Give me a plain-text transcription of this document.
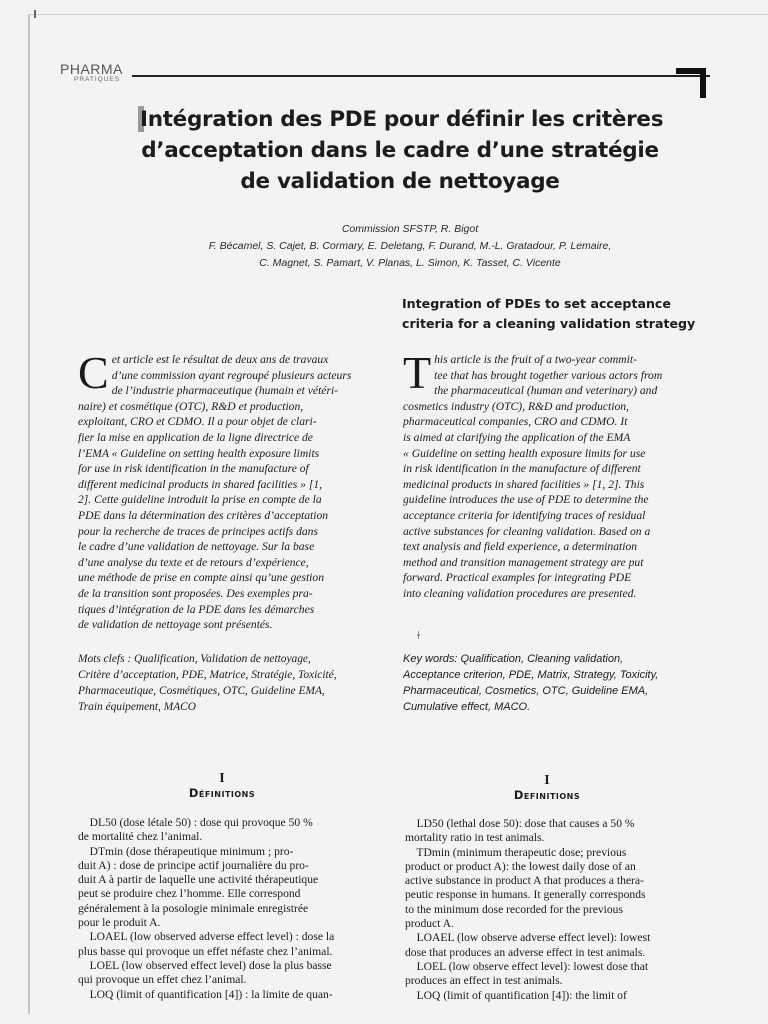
PHARMA
PRATIQUES
Intégration des PDE pour définir les critères
d’acceptation dans le cadre d’une stratégie
de validation de nettoyage
Commission SFSTP, R. Bigot
F. Bécamel, S. Cajet, B. Cormary, E. Deletang, F. Durand, M.-L. Gratadour, P. Lemaire,
C. Magnet, S. Pamart, V. Planas, L. Simon, K. Tasset, C. Vicente
Integration of PDEs to set acceptance
criteria for a cleaning validation strategy
C et article est le résultat de deux ans de travaux
d’une commission ayant regroupé plusieurs acteurs
de l’industrie pharmaceutique (humain et vétéri-
naire) et cosmétique (OTC), R&D et production,
exploitant, CRO et CDMO. Il a pour objet de clari-
fier la mise en application de la ligne directrice de
l’EMA « Guideline on setting health exposure limits
for use in risk identification in the manufacture of
different medicinal products in shared facilities » [1,
2]. Cette guideline introduit la prise en compte de la
PDE dans la détermination des critères d’acceptation
pour la recherche de traces de principes actifs dans
le cadre d’une validation de nettoyage. Sur la base
d’une analyse du texte et de retours d’expérience,
une méthode de prise en compte ainsi qu’une gestion
de la transition sont proposées. Des exemples pra-
tiques d’intégration de la PDE dans les démarches
de validation de nettoyage sont présentés.
T his article is the fruit of a two-year commit-
tee that has brought together various actors from
the pharmaceutical (human and veterinary) and
cosmetics industry (OTC), R&D and production,
pharmaceutical companies, CRO and CDMO. It
is aimed at clarifying the application of the EMA
« Guideline on setting health exposure limits for use
in risk identification in the manufacture of different
medicinal products in shared facilities » [1, 2]. This
guideline introduces the use of PDE to determine the
acceptance criteria for identifying traces of residual
active substances for cleaning validation. Based on a
text analysis and field experience, a determination
method and transition management strategy are put
forward. Practical examples for integrating PDE
into cleaning validation procedures are presented.
ǂ
Mots clefs : Qualification, Validation de nettoyage,
Critère d’acceptation, PDE, Matrice, Stratégie, Toxicité,
Pharmaceutique, Cosmétiques, OTC, Guideline EMA,
Train équipement, MACO
Key words: Qualification, Cleaning validation,
Acceptance criterion, PDE, Matrix, Strategy, Toxicity,
Pharmaceutical, Cosmetics, OTC, Guideline EMA,
Cumulative effect, MACO.
I
Définitions
I
Definitions
DL50 (dose létale 50) : dose qui provoque 50 %
de mortalité chez l’animal.
DTmin (dose thérapeutique minimum ; pro-
duit A) : dose de principe actif journalière du pro-
duit A à partir de laquelle une activité thérapeutique
peut se produire chez l’homme. Elle correspond
généralement à la posologie minimale enregistrée
pour le produit A.
LOAEL (low observed adverse effect level) : dose la
plus basse qui provoque un effet néfaste chez l’animal.
LOEL (low observed effect level) dose la plus basse
qui provoque un effet chez l’animal.
LOQ (limit of quantification [4]) : la limite de quan-
LD50 (lethal dose 50): dose that causes a 50 %
mortality ratio in test animals.
TDmin (minimum therapeutic dose; previous
product or product A): the lowest daily dose of an
active substance in product A that produces a thera-
peutic response in humans. It generally corresponds
to the minimum dose recorded for the previous
product A.
LOAEL (low observe adverse effect level): lowest
dose that produces an adverse effect in test animals.
LOEL (low observe effect level): lowest dose that
produces an effect in test animals.
LOQ (limit of quantification [4]): the limit of
